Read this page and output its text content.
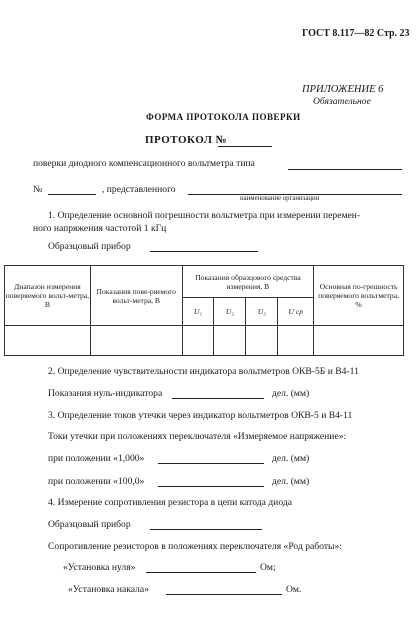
ГОСТ 8.117—82 Стр. 23
ПРИЛОЖЕНИЕ 6
Обязательное
ФОРМА ПРОТОКОЛА ПОВЕРКИ
ПРОТОКОЛ №
поверки диодного компенсационного вольтметра типа
№	, представленного
наименование организации
1. Определение основной погрешности вольтметра при измерении перемен-
ного напряжения частотой 1 кГц
Диапазон измерения поверяемого вольт-метра, В	Показания пове-ряемого вольт-метра, В	Показания образцового средства измерения, В				Основная по-грешность поверяемого вольтметра, %
		U₁	U₂	U₃	U ср	

2. Определение чувствительности индикатора вольтметров ОКВ-5Б и В4-11
Показания нуль-индикатора	дел. (мм)
3. Определение токов утечки через индикатор вольтметров ОКВ-5 и В4-11
Токи утечки при положениях переключателя «Измеряемое напряжение»:
при положении «1,000»	дел. (мм)
при положении «100,0»	дел. (мм)
4. Измерение сопротивления резистора в цепи катода диода
Образцовый прибор
Сопротивление резисторов в положениях переключателя «Род работы»:
«Установка нуля»	Ом;
«Установка накала»	Ом.
Образцовый прибор
